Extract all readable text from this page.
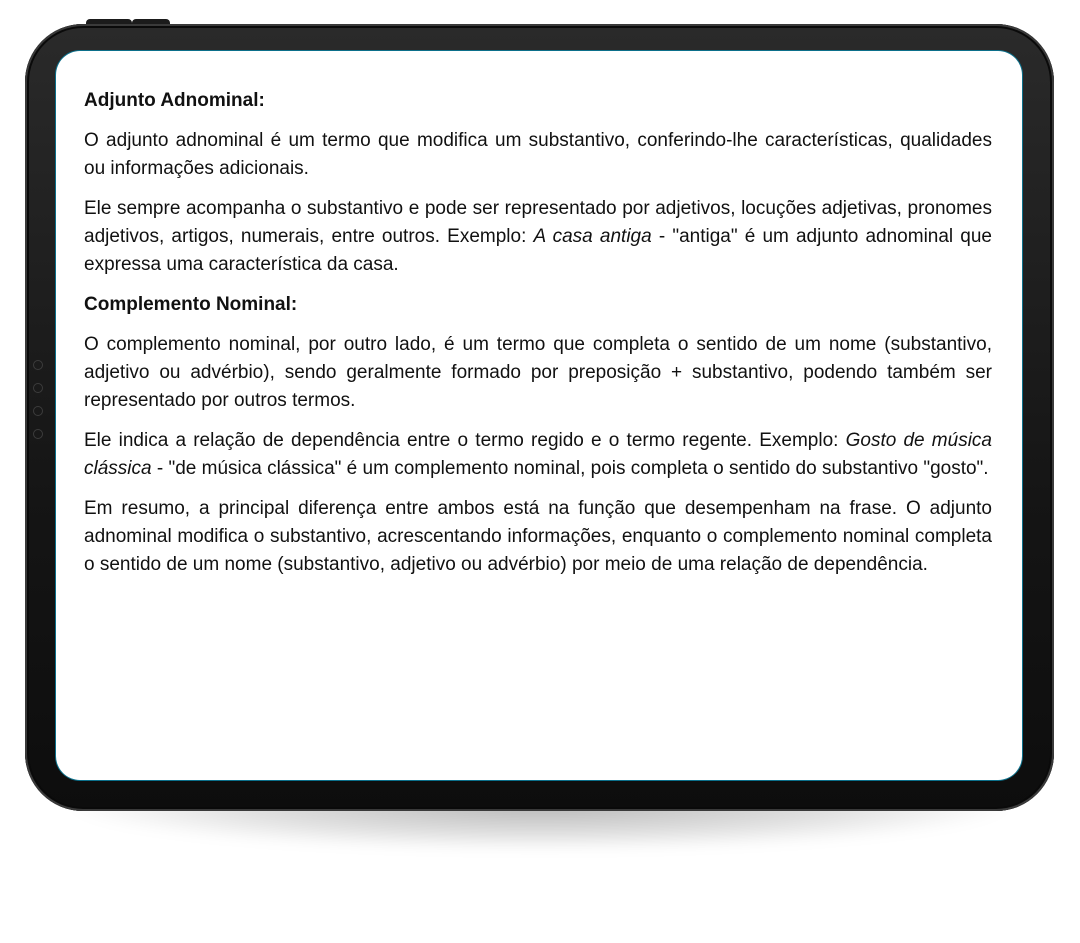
Adjunto Adnominal:

O adjunto adnominal é um termo que modifica um substantivo, conferindo-lhe características, qualidades ou informações adicionais.

Ele sempre acompanha o substantivo e pode ser representado por adjetivos, locuções adjetivas, pronomes adjetivos, artigos, numerais, entre outros. Exemplo: A casa antiga - "antiga" é um adjunto adnominal que expressa uma característica da casa.

Complemento Nominal:

O complemento nominal, por outro lado, é um termo que completa o sentido de um nome (substantivo, adjetivo ou advérbio), sendo geralmente formado por preposição + substantivo, podendo também ser representado por outros termos.

Ele indica a relação de dependência entre o termo regido e o termo regente. Exemplo: Gosto de música clássica - "de música clássica" é um complemento nominal, pois completa o sentido do substantivo "gosto".

Em resumo, a principal diferença entre ambos está na função que desempenham na frase. O adjunto adnominal modifica o substantivo, acrescentando informações, enquanto o complemento nominal completa o sentido de um nome (substantivo, adjetivo ou advérbio) por meio de uma relação de dependência.
